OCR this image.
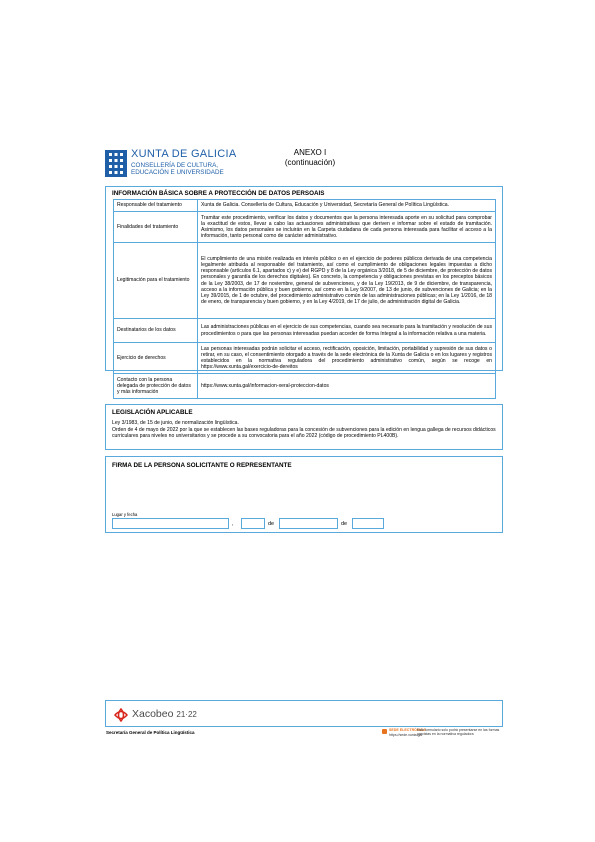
XUNTA DE GALICIA
CONSELLERÍA DE CULTURA,
EDUCACIÓN E UNIVERSIDADE
ANEXO I
(continuación)
INFORMACIÓN BÁSICA SOBRE A PROTECCIÓN DE DATOS PERSOAIS
Responsable del tratamiento	Xunta de Galicia. Consellería de Cultura, Educación y Universidad, Secretaría General de Política Lingüística.
Finalidades del tratamiento	Tramitar este procedimiento, verificar los datos y documentos que la persona interesada aporte en su solicitud para comprobar la exactitud de estos, llevar a cabo las actuaciones administrativas que deriven e informar sobre el estado de tramitación. Asimismo, los datos personales se incluirán en la Carpeta ciudadana de cada persona interesada para facilitar el acceso a la información, tanto personal como de carácter administrativo.
Legitimación para el tratamiento	El cumplimiento de una misión realizada en interés público o en el ejercicio de poderes públicos derivada de una competencia legalmente atribuida al responsable del tratamiento, así como el cumplimiento de obligaciones legales impuestas a dicho responsable (artículos 6.1, apartados c) y e) del RGPD y 8 de la Ley orgánica 3/2018, de 5 de diciembre, de protección de datos personales y garantía de los derechos digitales). En concreto, la competencia y obligaciones previstas en los preceptos básicos de la Ley 38/2003, de 17 de noviembre, general de subvenciones, y de la Ley 19/2013, de 9 de diciembre, de transparencia, acceso a la información pública y buen gobierno, así como en la Ley 9/2007, de 13 de junio, de subvenciones de Galicia; en la Ley 39/2015, de 1 de octubre, del procedimiento administrativo común de las administraciones públicas; en la Ley 1/2016, de 18 de enero, de transparencia y buen gobierno, y en la Ley 4/2019, de 17 de julio, de administración digital de Galicia.
Destinatarios de los datos	Las administraciones públicas en el ejercicio de sus competencias, cuando sea necesario para la tramitación y resolución de sus procedimientos o para que las personas interesadas puedan acceder de forma íntegral a la información relativa a una materia.
Ejercicio de derechos	Las personas interesadas podrán solicitar el acceso, rectificación, oposición, limitación, portabilidad y supresión de sus datos o retirar, en su caso, el consentimiento otorgado a través de la sede electrónica de la Xunta de Galicia o en los lugares y registros establecidos en la normativa reguladora del procedimiento administrativo común, según se recoge en https://www.xunta.gal/exercicio-de-dereitos
Contacto con la persona delegada de protección de datos y más información	https://www.xunta.gal/informacion-xeral-proteccion-datos
LEGISLACIÓN APLICABLE
Ley 3/1983, de 15 de junio, de normalización lingüística.
Orden de 4 de mayo de 2022 por la que se establecen las bases reguladoras para la concesión de subvenciones para la edición en lengua gallega de recursos didácticos curriculares para niveles no universitarios y se procede a su convocatoria para el año 2022 (código de procedimiento PL400B).
FIRMA DE LA PERSONA SOLICITANTE O REPRESENTANTE
Lugar y fecha
,	de	de
Xacobeo 21·22
Secretaría General de Política Lingüística	SEDE ELECTRÓNICA
Este formulario solo podrá presentarse en las formas previstas en la normativa reguladora
https://sede.xunta.gal
